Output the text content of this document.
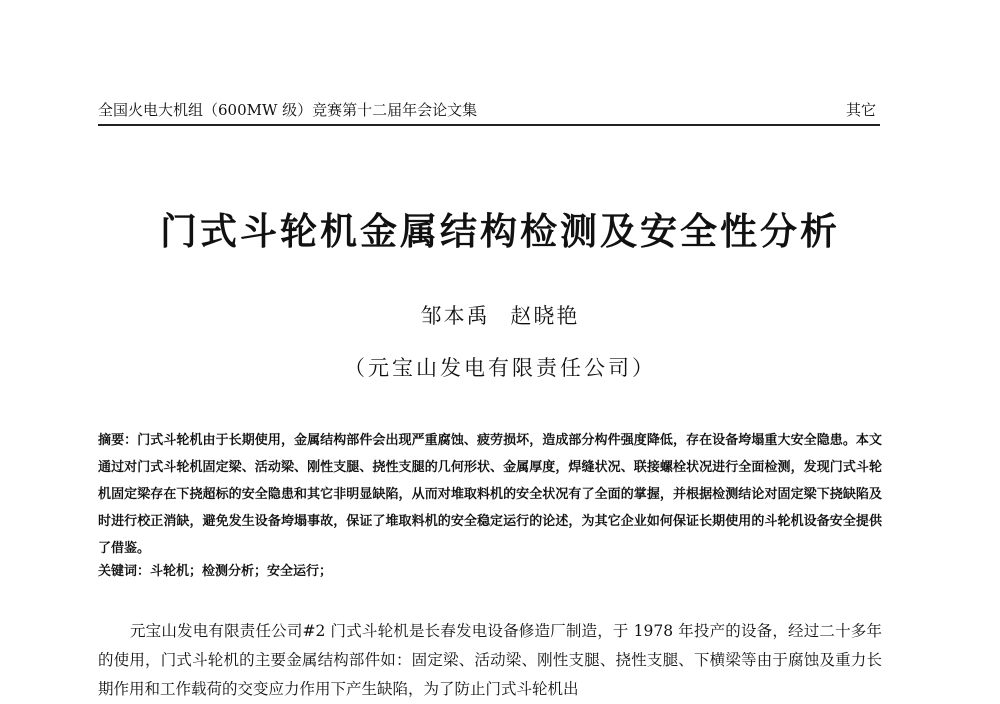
全国火电大机组（600MW 级）竞赛第十二届年会论文集	其它
门式斗轮机金属结构检测及安全性分析
邹本禹 赵晓艳
（元宝山发电有限责任公司）
摘要：门式斗轮机由于长期使用，金属结构部件会出现严重腐蚀、疲劳损坏，造成部分构件强度降低，存在设备垮塌重大安全隐患。本文通过对门式斗轮机固定梁、活动梁、刚性支腿、挠性支腿的几何形状、金属厚度，焊缝状况、联接螺栓状况进行全面检测，发现门式斗轮机固定梁存在下挠超标的安全隐患和其它非明显缺陷，从而对堆取料机的安全状况有了全面的掌握，并根据检测结论对固定梁下挠缺陷及时进行校正消缺，避免发生设备垮塌事故，保证了堆取料机的安全稳定运行的论述，为其它企业如何保证长期使用的斗轮机设备安全提供了借鉴。
关键词：斗轮机；检测分析；安全运行；
元宝山发电有限责任公司#2 门式斗轮机是长春发电设备修造厂制造，于 1978 年投产的设备，经过二十多年的使用，门式斗轮机的主要金属结构部件如：固定梁、活动梁、刚性支腿、挠性支腿、下横梁等由于腐蚀及重力长期作用和工作载荷的交变应力作用下产生缺陷，为了防止门式斗轮机出
